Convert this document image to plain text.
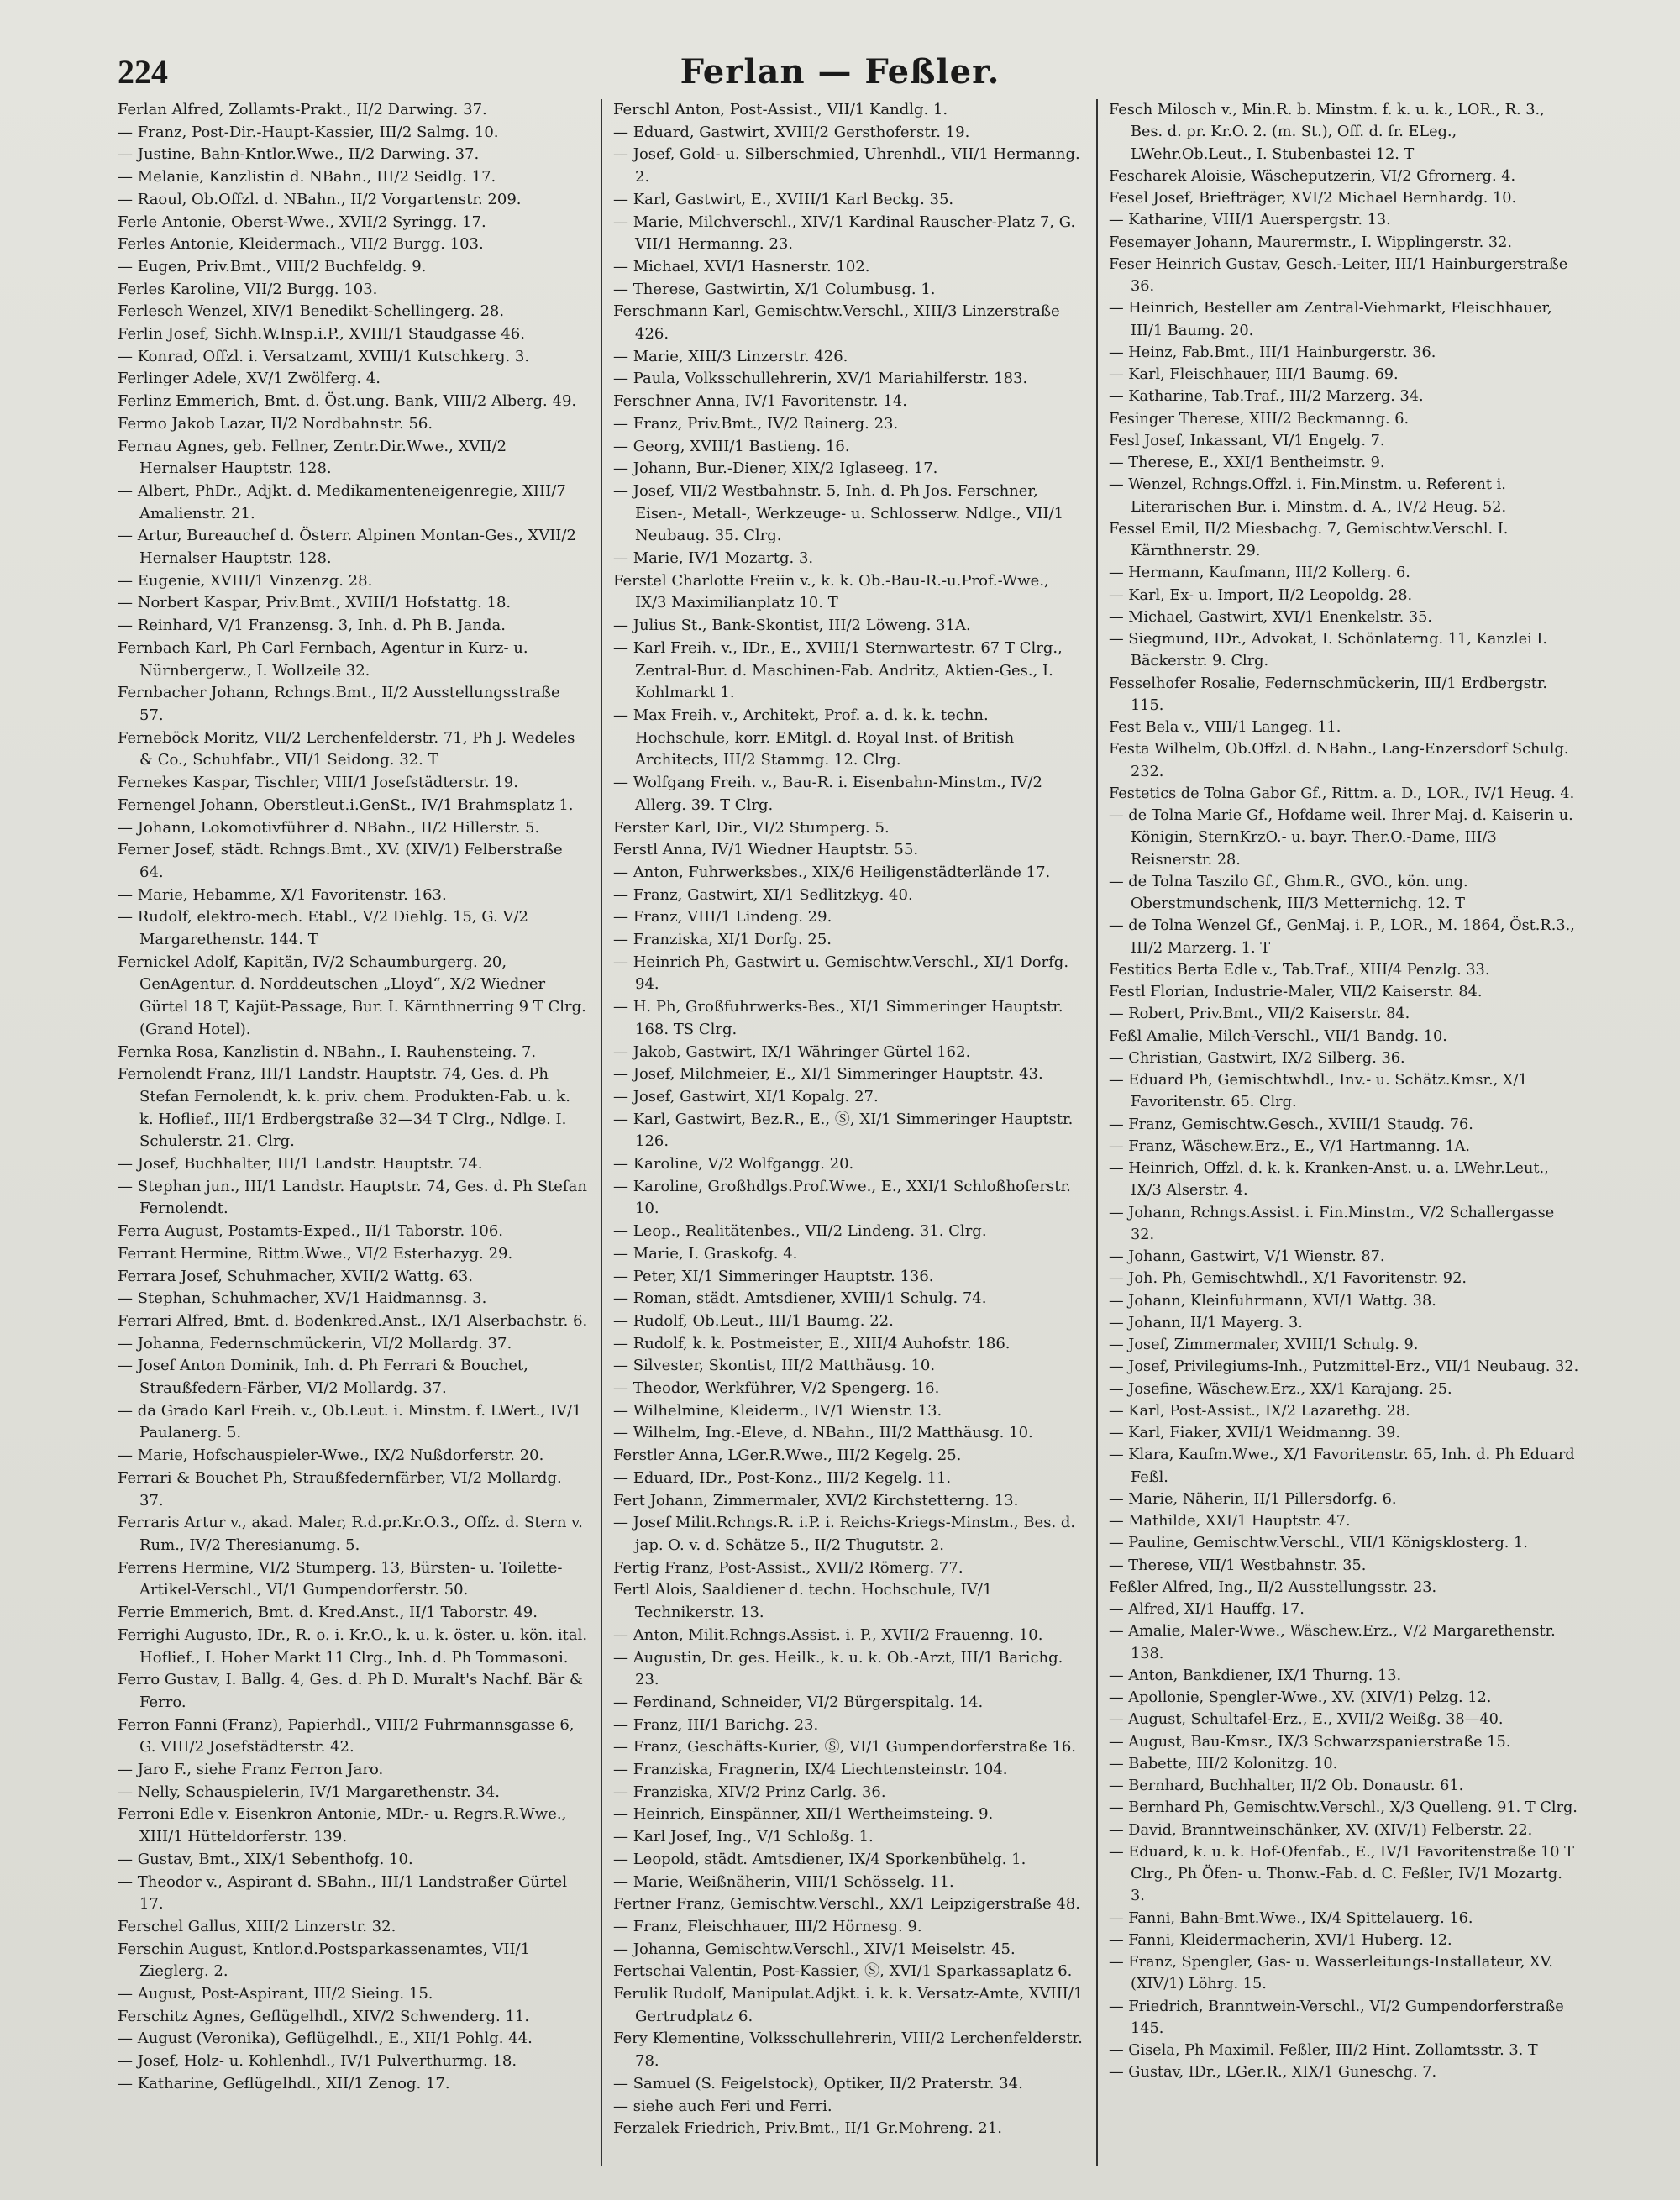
224	Ferlan — Feßler.

Ferlan Alfred, Zollamts-Prakt., II/2 Darwing. 37.

— Franz, Post-Dir.-Haupt-Kassier, III/2 Salmg. 10.

— Justine, Bahn-Kntlor.Wwe., II/2 Darwing. 37.

— Melanie, Kanzlistin d. NBahn., III/2 Seidlg. 17.

— Raoul, Ob.Offzl. d. NBahn., II/2 Vorgartenstr. 209.

Ferle Antonie, Oberst-Wwe., XVII/2 Syringg. 17.

Ferles Antonie, Kleidermach., VII/2 Burgg. 103.

— Eugen, Priv.Bmt., VIII/2 Buchfeldg. 9.

Ferles Karoline, VII/2 Burgg. 103.

Ferlesch Wenzel, XIV/1 Benedikt-Schellingerg. 28.

Ferlin Josef, Sichh.W.Insp.i.P., XVIII/1 Staudgasse 46.

— Konrad, Offzl. i. Versatzamt, XVIII/1 Kutschkerg. 3.

Ferlinger Adele, XV/1 Zwölferg. 4.

Ferlinz Emmerich, Bmt. d. Öst.ung. Bank, VIII/2 Alberg. 49.

Fermo Jakob Lazar, II/2 Nordbahnstr. 56.

Fernau Agnes, geb. Fellner, Zentr.Dir.Wwe., XVII/2 Hernalser Hauptstr. 128.

— Albert, PhDr., Adjkt. d. Medikamenteneigenregie, XIII/7 Amalienstr. 21.

— Artur, Bureauchef d. Österr. Alpinen Montan-Ges., XVII/2 Hernalser Hauptstr. 128.

— Eugenie, XVIII/1 Vinzenzg. 28.

— Norbert Kaspar, Priv.Bmt., XVIII/1 Hofstattg. 18.

— Reinhard, V/1 Franzensg. 3, Inh. d. Ph B. Janda.

Fernbach Karl, Ph Carl Fernbach, Agentur in Kurz- u. Nürnbergerw., I. Wollzeile 32.

Fernbacher Johann, Rchngs.Bmt., II/2 Ausstellungsstraße 57.

Ferneböck Moritz, VII/2 Lerchenfelderstr. 71, Ph J. Wedeles & Co., Schuhfabr., VII/1 Seidong. 32. T

Fernekes Kaspar, Tischler, VIII/1 Josefstädterstr. 19.

Fernengel Johann, Oberstleut.i.GenSt., IV/1 Brahmsplatz 1.

— Johann, Lokomotivführer d. NBahn., II/2 Hillerstr. 5.

Ferner Josef, städt. Rchngs.Bmt., XV. (XIV/1) Felberstraße 64.

— Marie, Hebamme, X/1 Favoritenstr. 163.

— Rudolf, elektro-mech. Etabl., V/2 Diehlg. 15, G. V/2 Margarethenstr. 144. T

Fernickel Adolf, Kapitän, IV/2 Schaumburgerg. 20, GenAgentur. d. Norddeutschen „Lloyd“, X/2 Wiedner Gürtel 18 T, Kajüt-Passage, Bur. I. Kärnthnerring 9 T Clrg. (Grand Hotel).

Fernka Rosa, Kanzlistin d. NBahn., I. Rauhensteing. 7.

Fernolendt Franz, III/1 Landstr. Hauptstr. 74, Ges. d. Ph Stefan Fernolendt, k. k. priv. chem. Produkten-Fab. u. k. k. Hoflief., III/1 Erdbergstraße 32—34 T Clrg., Ndlge. I. Schulerstr. 21. Clrg.

— Josef, Buchhalter, III/1 Landstr. Hauptstr. 74.

— Stephan jun., III/1 Landstr. Hauptstr. 74, Ges. d. Ph Stefan Fernolendt.

Ferra August, Postamts-Exped., II/1 Taborstr. 106.

Ferrant Hermine, Rittm.Wwe., VI/2 Esterhazyg. 29.

Ferrara Josef, Schuhmacher, XVII/2 Wattg. 63.

— Stephan, Schuhmacher, XV/1 Haidmannsg. 3.

Ferrari Alfred, Bmt. d. Bodenkred.Anst., IX/1 Alserbachstr. 6.

— Johanna, Federnschmückerin, VI/2 Mollardg. 37.

— Josef Anton Dominik, Inh. d. Ph Ferrari & Bouchet, Straußfedern-Färber, VI/2 Mollardg. 37.

— da Grado Karl Freih. v., Ob.Leut. i. Minstm. f. LWert., IV/1 Paulanerg. 5.

— Marie, Hofschauspieler-Wwe., IX/2 Nußdorferstr. 20.

Ferrari & Bouchet Ph, Straußfedernfärber, VI/2 Mollardg. 37.

Ferraris Artur v., akad. Maler, R.d.pr.Kr.O.3., Offz. d. Stern v. Rum., IV/2 Theresianumg. 5.

Ferrens Hermine, VI/2 Stumperg. 13, Bürsten- u. Toilette-Artikel-Verschl., VI/1 Gumpendorferstr. 50.

Ferrie Emmerich, Bmt. d. Kred.Anst., II/1 Taborstr. 49.

Ferrighi Augusto, IDr., R. o. i. Kr.O., k. u. k. öster. u. kön. ital. Hoflief., I. Hoher Markt 11 Clrg., Inh. d. Ph Tommasoni.

Ferro Gustav, I. Ballg. 4, Ges. d. Ph D. Muralt's Nachf. Bär & Ferro.

Ferron Fanni (Franz), Papierhdl., VIII/2 Fuhrmannsgasse 6, G. VIII/2 Josefstädterstr. 42.

— Jaro F., siehe Franz Ferron Jaro.

— Nelly, Schauspielerin, IV/1 Margarethenstr. 34.

Ferroni Edle v. Eisenkron Antonie, MDr.- u. Regrs.R.Wwe., XIII/1 Hütteldorferstr. 139.

— Gustav, Bmt., XIX/1 Sebenthofg. 10.

— Theodor v., Aspirant d. SBahn., III/1 Landstraßer Gürtel 17.

Ferschel Gallus, XIII/2 Linzerstr. 32.

Ferschin August, Kntlor.d.Postsparkassenamtes, VII/1 Zieglerg. 2.

— August, Post-Aspirant, III/2 Sieing. 15.

Ferschitz Agnes, Geflügelhdl., XIV/2 Schwenderg. 11.

— August (Veronika), Geflügelhdl., E., XII/1 Pohlg. 44.

— Josef, Holz- u. Kohlenhdl., IV/1 Pulverthurmg. 18.

— Katharine, Geflügelhdl., XII/1 Zenog. 17.

Ferschl Anton, Post-Assist., VII/1 Kandlg. 1.

— Eduard, Gastwirt, XVIII/2 Gersthoferstr. 19.

— Josef, Gold- u. Silberschmied, Uhrenhdl., VII/1 Hermanng. 2.

— Karl, Gastwirt, E., XVIII/1 Karl Beckg. 35.

— Marie, Milchverschl., XIV/1 Kardinal Rauscher-Platz 7, G. VII/1 Hermanng. 23.

— Michael, XVI/1 Hasnerstr. 102.

— Therese, Gastwirtin, X/1 Columbusg. 1.

Ferschmann Karl, Gemischtw.Verschl., XIII/3 Linzerstraße 426.

— Marie, XIII/3 Linzerstr. 426.

— Paula, Volksschullehrerin, XV/1 Mariahilferstr. 183.

Ferschner Anna, IV/1 Favoritenstr. 14.

— Franz, Priv.Bmt., IV/2 Rainerg. 23.

— Georg, XVIII/1 Bastieng. 16.

— Johann, Bur.-Diener, XIX/2 Iglaseeg. 17.

— Josef, VII/2 Westbahnstr. 5, Inh. d. Ph Jos. Ferschner, Eisen-, Metall-, Werkzeuge- u. Schlosserw. Ndlge., VII/1 Neubaug. 35. Clrg.

— Marie, IV/1 Mozartg. 3.

Ferstel Charlotte Freiin v., k. k. Ob.-Bau-R.-u.Prof.-Wwe., IX/3 Maximilianplatz 10. T

— Julius St., Bank-Skontist, III/2 Löweng. 31A.

— Karl Freih. v., IDr., E., XVIII/1 Sternwartestr. 67 T Clrg., Zentral-Bur. d. Maschinen-Fab. Andritz, Aktien-Ges., I. Kohlmarkt 1.

— Max Freih. v., Architekt, Prof. a. d. k. k. techn. Hochschule, korr. EMitgl. d. Royal Inst. of British Architects, III/2 Stammg. 12. Clrg.

— Wolfgang Freih. v., Bau-R. i. Eisenbahn-Minstm., IV/2 Allerg. 39. T Clrg.

Ferster Karl, Dir., VI/2 Stumperg. 5.

Ferstl Anna, IV/1 Wiedner Hauptstr. 55.

— Anton, Fuhrwerksbes., XIX/6 Heiligenstädterlände 17.

— Franz, Gastwirt, XI/1 Sedlitzkyg. 40.

— Franz, VIII/1 Lindeng. 29.

— Franziska, XI/1 Dorfg. 25.

— Heinrich Ph, Gastwirt u. Gemischtw.Verschl., XI/1 Dorfg. 94.

— H. Ph, Großfuhrwerks-Bes., XI/1 Simmeringer Hauptstr. 168. TS Clrg.

— Jakob, Gastwirt, IX/1 Währinger Gürtel 162.

— Josef, Milchmeier, E., XI/1 Simmeringer Hauptstr. 43.

— Josef, Gastwirt, XI/1 Kopalg. 27.

— Karl, Gastwirt, Bez.R., E., Ⓢ, XI/1 Simmeringer Hauptstr. 126.

— Karoline, V/2 Wolfgangg. 20.

— Karoline, Großhdlgs.Prof.Wwe., E., XXI/1 Schloßhoferstr. 10.

— Leop., Realitätenbes., VII/2 Lindeng. 31. Clrg.

— Marie, I. Graskofg. 4.

— Peter, XI/1 Simmeringer Hauptstr. 136.

— Roman, städt. Amtsdiener, XVIII/1 Schulg. 74.

— Rudolf, Ob.Leut., III/1 Baumg. 22.

— Rudolf, k. k. Postmeister, E., XIII/4 Auhofstr. 186.

— Silvester, Skontist, III/2 Matthäusg. 10.

— Theodor, Werkführer, V/2 Spengerg. 16.

— Wilhelmine, Kleiderm., IV/1 Wienstr. 13.

— Wilhelm, Ing.-Eleve, d. NBahn., III/2 Matthäusg. 10.

Ferstler Anna, LGer.R.Wwe., III/2 Kegelg. 25.

— Eduard, IDr., Post-Konz., III/2 Kegelg. 11.

Fert Johann, Zimmermaler, XVI/2 Kirchstetterng. 13.

— Josef Milit.Rchngs.R. i.P. i. Reichs-Kriegs-Minstm., Bes. d. jap. O. v. d. Schätze 5., II/2 Thugutstr. 2.

Fertig Franz, Post-Assist., XVII/2 Römerg. 77.

Fertl Alois, Saaldiener d. techn. Hochschule, IV/1 Technikerstr. 13.

— Anton, Milit.Rchngs.Assist. i. P., XVII/2 Frauenng. 10.

— Augustin, Dr. ges. Heilk., k. u. k. Ob.-Arzt, III/1 Barichg. 23.

— Ferdinand, Schneider, VI/2 Bürgerspitalg. 14.

— Franz, III/1 Barichg. 23.

— Franz, Geschäfts-Kurier, Ⓢ, VI/1 Gumpendorferstraße 16.

— Franziska, Fragnerin, IX/4 Liechtensteinstr. 104.

— Franziska, XIV/2 Prinz Carlg. 36.

— Heinrich, Einspänner, XII/1 Wertheimsteing. 9.

— Karl Josef, Ing., V/1 Schloßg. 1.

— Leopold, städt. Amtsdiener, IX/4 Sporkenbühelg. 1.

— Marie, Weißnäherin, VIII/1 Schösselg. 11.

Fertner Franz, Gemischtw.Verschl., XX/1 Leipzigerstraße 48.

— Franz, Fleischhauer, III/2 Hörnesg. 9.

— Johanna, Gemischtw.Verschl., XIV/1 Meiselstr. 45.

Fertschai Valentin, Post-Kassier, Ⓢ, XVI/1 Sparkassaplatz 6.

Ferulik Rudolf, Manipulat.Adjkt. i. k. k. Versatz-Amte, XVIII/1 Gertrudplatz 6.

Fery Klementine, Volksschullehrerin, VIII/2 Lerchenfelderstr. 78.

— Samuel (S. Feigelstock), Optiker, II/2 Praterstr. 34.

— siehe auch Feri und Ferri.

Ferzalek Friedrich, Priv.Bmt., II/1 Gr.Mohreng. 21.

Fesch Milosch v., Min.R. b. Minstm. f. k. u. k., LOR., R. 3., Bes. d. pr. Kr.O. 2. (m. St.), Off. d. fr. ELeg., LWehr.Ob.Leut., I. Stubenbastei 12. T

Fescharek Aloisie, Wäscheputzerin, VI/2 Gfrornerg. 4.

Fesel Josef, Briefträger, XVI/2 Michael Bernhardg. 10.

— Katharine, VIII/1 Auerspergstr. 13.

Fesemayer Johann, Maurermstr., I. Wipplingerstr. 32.

Feser Heinrich Gustav, Gesch.-Leiter, III/1 Hainburgerstraße 36.

— Heinrich, Besteller am Zentral-Viehmarkt, Fleischhauer, III/1 Baumg. 20.

— Heinz, Fab.Bmt., III/1 Hainburgerstr. 36.

— Karl, Fleischhauer, III/1 Baumg. 69.

— Katharine, Tab.Traf., III/2 Marzerg. 34.

Fesinger Therese, XIII/2 Beckmanng. 6.

Fesl Josef, Inkassant, VI/1 Engelg. 7.

— Therese, E., XXI/1 Bentheimstr. 9.

— Wenzel, Rchngs.Offzl. i. Fin.Minstm. u. Referent i. Literarischen Bur. i. Minstm. d. A., IV/2 Heug. 52.

Fessel Emil, II/2 Miesbachg. 7, Gemischtw.Verschl. I. Kärnthnerstr. 29.

— Hermann, Kaufmann, III/2 Kollerg. 6.

— Karl, Ex- u. Import, II/2 Leopoldg. 28.

— Michael, Gastwirt, XVI/1 Enenkelstr. 35.

— Siegmund, IDr., Advokat, I. Schönlaterng. 11, Kanzlei I. Bäckerstr. 9. Clrg.

Fesselhofer Rosalie, Federnschmückerin, III/1 Erdbergstr. 115.

Fest Bela v., VIII/1 Langeg. 11.

Festa Wilhelm, Ob.Offzl. d. NBahn., Lang-Enzersdorf Schulg. 232.

Festetics de Tolna Gabor Gf., Rittm. a. D., LOR., IV/1 Heug. 4.

— de Tolna Marie Gf., Hofdame weil. Ihrer Maj. d. Kaiserin u. Königin, SternKrzO.- u. bayr. Ther.O.-Dame, III/3 Reisnerstr. 28.

— de Tolna Taszilo Gf., Ghm.R., GVO., kön. ung. Oberstmundschenk, III/3 Metternichg. 12. T

— de Tolna Wenzel Gf., GenMaj. i. P., LOR., M. 1864, Öst.R.3., III/2 Marzerg. 1. T

Festitics Berta Edle v., Tab.Traf., XIII/4 Penzlg. 33.

Festl Florian, Industrie-Maler, VII/2 Kaiserstr. 84.

— Robert, Priv.Bmt., VII/2 Kaiserstr. 84.

Feßl Amalie, Milch-Verschl., VII/1 Bandg. 10.

— Christian, Gastwirt, IX/2 Silberg. 36.

— Eduard Ph, Gemischtwhdl., Inv.- u. Schätz.Kmsr., X/1 Favoritenstr. 65. Clrg.

— Franz, Gemischtw.Gesch., XVIII/1 Staudg. 76.

— Franz, Wäschew.Erz., E., V/1 Hartmanng. 1A.

— Heinrich, Offzl. d. k. k. Kranken-Anst. u. a. LWehr.Leut., IX/3 Alserstr. 4.

— Johann, Rchngs.Assist. i. Fin.Minstm., V/2 Schallergasse 32.

— Johann, Gastwirt, V/1 Wienstr. 87.

— Joh. Ph, Gemischtwhdl., X/1 Favoritenstr. 92.

— Johann, Kleinfuhrmann, XVI/1 Wattg. 38.

— Johann, II/1 Mayerg. 3.

— Josef, Zimmermaler, XVIII/1 Schulg. 9.

— Josef, Privilegiums-Inh., Putzmittel-Erz., VII/1 Neubaug. 32.

— Josefine, Wäschew.Erz., XX/1 Karajang. 25.

— Karl, Post-Assist., IX/2 Lazarethg. 28.

— Karl, Fiaker, XVII/1 Weidmanng. 39.

— Klara, Kaufm.Wwe., X/1 Favoritenstr. 65, Inh. d. Ph Eduard Feßl.

— Marie, Näherin, II/1 Pillersdorfg. 6.

— Mathilde, XXI/1 Hauptstr. 47.

— Pauline, Gemischtw.Verschl., VII/1 Königsklosterg. 1.

— Therese, VII/1 Westbahnstr. 35.

Feßler Alfred, Ing., II/2 Ausstellungsstr. 23.

— Alfred, XI/1 Hauffg. 17.

— Amalie, Maler-Wwe., Wäschew.Erz., V/2 Margarethenstr. 138.

— Anton, Bankdiener, IX/1 Thurng. 13.

— Apollonie, Spengler-Wwe., XV. (XIV/1) Pelzg. 12.

— August, Schultafel-Erz., E., XVII/2 Weißg. 38—40.

— August, Bau-Kmsr., IX/3 Schwarzspanierstraße 15.

— Babette, III/2 Kolonitzg. 10.

— Bernhard, Buchhalter, II/2 Ob. Donaustr. 61.

— Bernhard Ph, Gemischtw.Verschl., X/3 Quelleng. 91. T Clrg.

— David, Branntweinschänker, XV. (XIV/1) Felberstr. 22.

— Eduard, k. u. k. Hof-Ofenfab., E., IV/1 Favoritenstraße 10 T Clrg., Ph Öfen- u. Thonw.-Fab. d. C. Feßler, IV/1 Mozartg. 3.

— Fanni, Bahn-Bmt.Wwe., IX/4 Spittelauerg. 16.

— Fanni, Kleidermacherin, XVI/1 Huberg. 12.

— Franz, Spengler, Gas- u. Wasserleitungs-Installateur, XV. (XIV/1) Löhrg. 15.

— Friedrich, Branntwein-Verschl., VI/2 Gumpendorferstraße 145.

— Gisela, Ph Maximil. Feßler, III/2 Hint. Zollamtsstr. 3. T

— Gustav, IDr., LGer.R., XIX/1 Guneschg. 7.
